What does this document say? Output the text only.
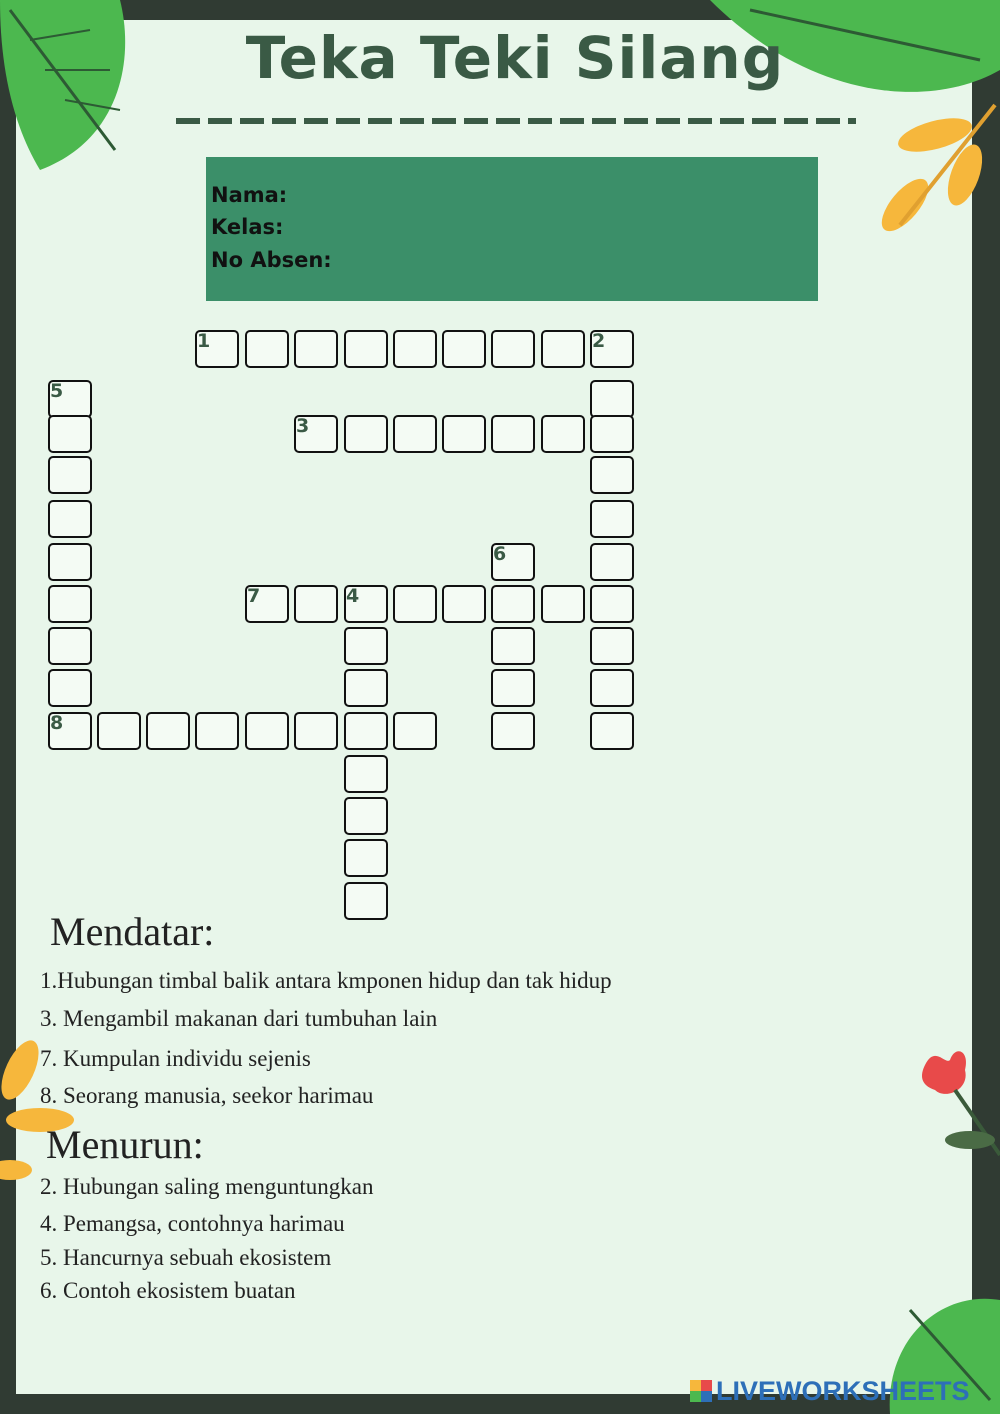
Teka Teki Silang
Nama:
Kelas:
No Absen:
1	2
3
4
5
6
7
8
Mendatar:
1.Hubungan timbal balik antara kmponen hidup dan tak hidup
3. Mengambil makanan dari tumbuhan lain
7. Kumpulan individu sejenis
8. Seorang manusia, seekor harimau
Menurun:
2. Hubungan saling menguntungkan
4. Pemangsa, contohnya harimau
5. Hancurnya sebuah ekosistem
6. Contoh ekosistem buatan
LIVEWORKSHEETS
